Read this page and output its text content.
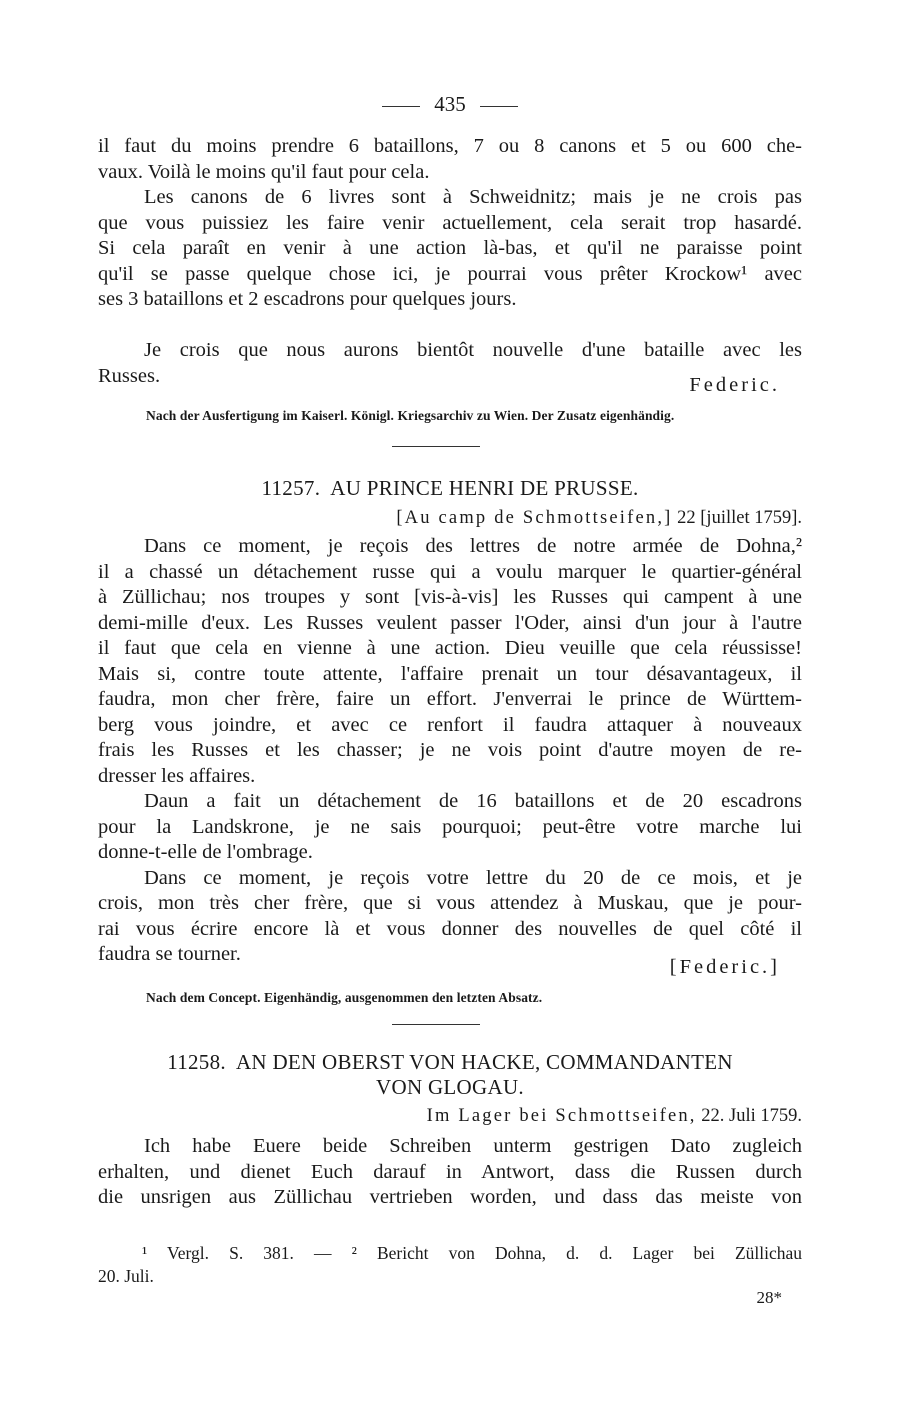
435
il faut du moins prendre 6 bataillons, 7 ou 8 canons et 5 ou 600 che-
vaux. Voilà le moins qu'il faut pour cela.
Les canons de 6 livres sont à Schweidnitz; mais je ne crois pas
que vous puissiez les faire venir actuellement, cela serait trop hasardé.
Si cela paraît en venir à une action là-bas, et qu'il ne paraisse point
qu'il se passe quelque chose ici, je pourrai vous prêter Krockow¹ avec
ses 3 bataillons et 2 escadrons pour quelques jours.
Je crois que nous aurons bientôt nouvelle d'une bataille avec les
Russes.	Federic.
Nach der Ausfertigung im Kaiserl. Königl. Kriegsarchiv zu Wien. Der Zusatz eigenhändig.
11257. AU PRINCE HENRI DE PRUSSE.
[Au camp de Schmottseifen,] 22 [juillet 1759].
Dans ce moment, je reçois des lettres de notre armée de Dohna,²
il a chassé un détachement russe qui a voulu marquer le quartier-général
à Züllichau; nos troupes y sont [vis-à-vis] les Russes qui campent à une
demi-mille d'eux. Les Russes veulent passer l'Oder, ainsi d'un jour à l'autre
il faut que cela en vienne à une action. Dieu veuille que cela réussisse!
Mais si, contre toute attente, l'affaire prenait un tour désavantageux, il
faudra, mon cher frère, faire un effort. J'enverrai le prince de Württem-
berg vous joindre, et avec ce renfort il faudra attaquer à nouveaux
frais les Russes et les chasser; je ne vois point d'autre moyen de re-
dresser les affaires.
Daun a fait un détachement de 16 bataillons et de 20 escadrons
pour la Landskrone, je ne sais pourquoi; peut-être votre marche lui
donne-t-elle de l'ombrage.
Dans ce moment, je reçois votre lettre du 20 de ce mois, et je
crois, mon très cher frère, que si vous attendez à Muskau, que je pour-
rai vous écrire encore là et vous donner des nouvelles de quel côté il
faudra se tourner.
[Federic.]
Nach dem Concept. Eigenhändig, ausgenommen den letzten Absatz.
11258. AN DEN OBERST VON HACKE, COMMANDANTEN
VON GLOGAU.
Im Lager bei Schmottseifen, 22. Juli 1759.
Ich habe Euere beide Schreiben unterm gestrigen Dato zugleich
erhalten, und dienet Euch darauf in Antwort, dass die Russen durch
die unsrigen aus Züllichau vertrieben worden, und dass das meiste von
¹ Vergl. S. 381. — ² Bericht von Dohna, d. d. Lager bei Züllichau
20. Juli.
28*
